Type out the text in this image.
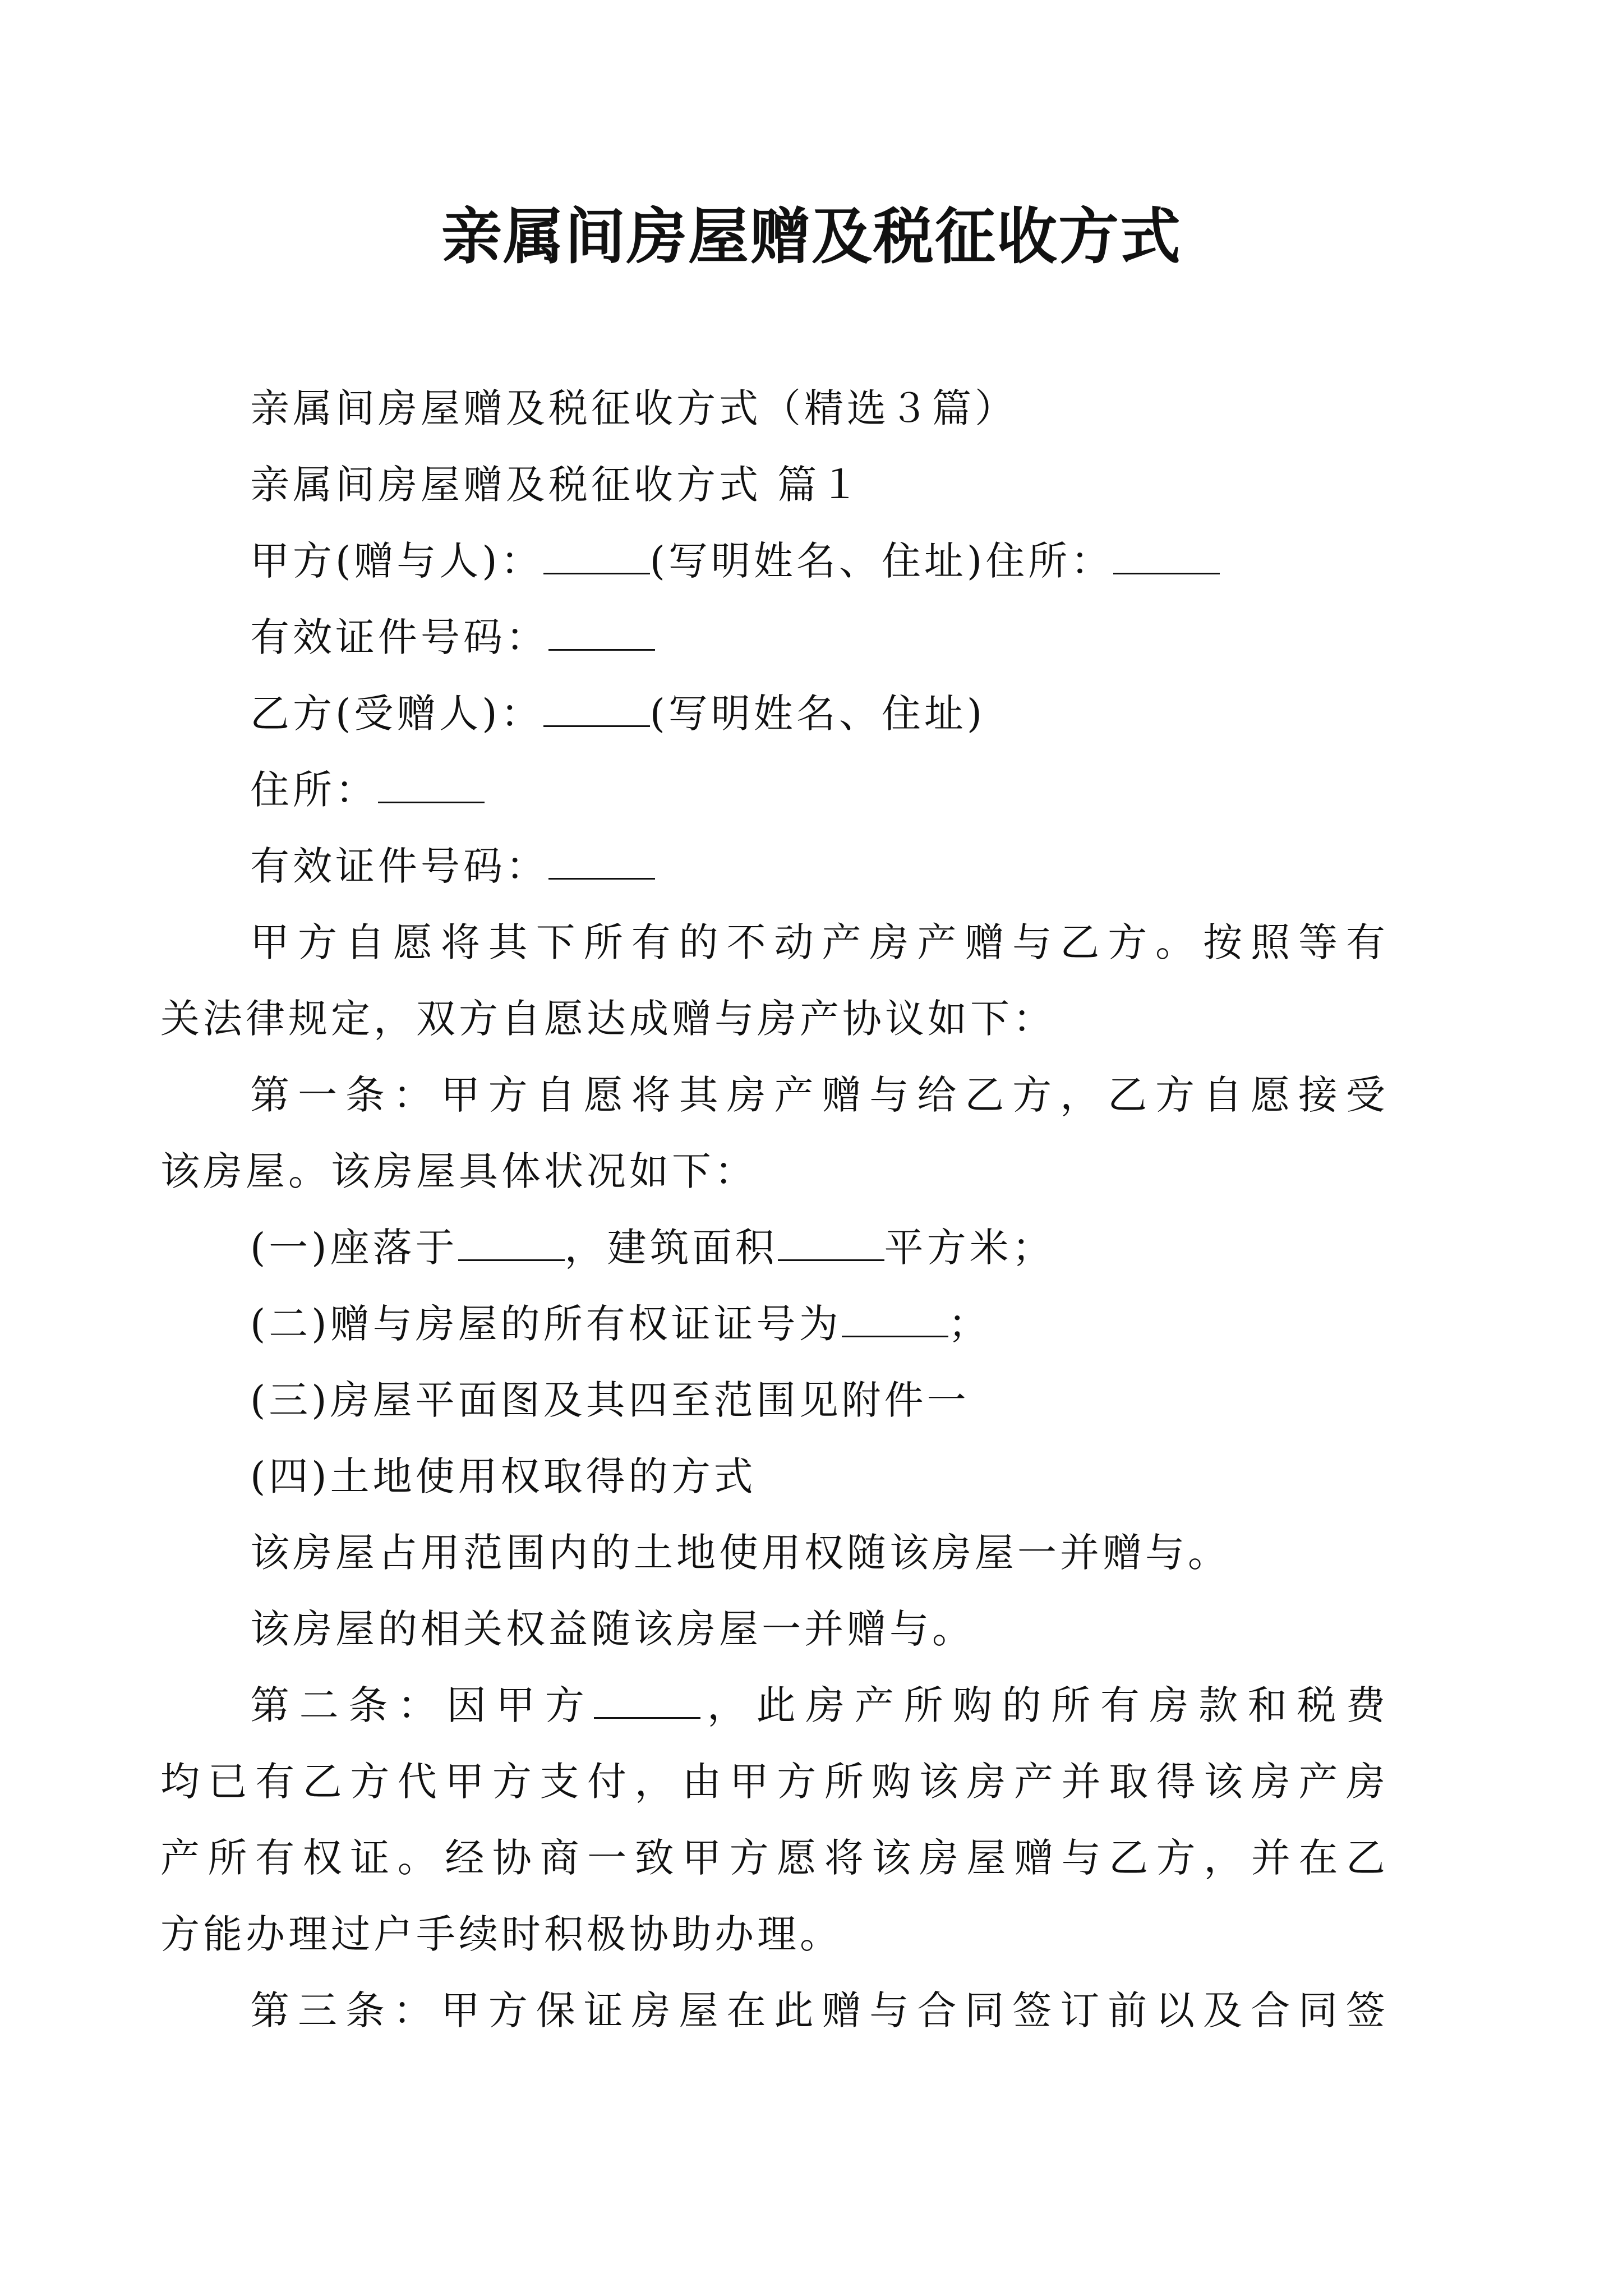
亲属间房屋赠及税征收方式
亲属间房屋赠及税征收方式（精选３篇）
亲属间房屋赠及税征收方式 篇１
甲方(赠与人)：	(写明姓名、住址)住所：
有效证件号码：
乙方(受赠人)：	(写明姓名、住址)
住所：
有效证件号码：
甲方自愿将其下所有的不动产房产赠与乙方。按照等有
关法律规定，双方自愿达成赠与房产协议如下：
第一条：甲方自愿将其房产赠与给乙方，乙方自愿接受
该房屋。该房屋具体状况如下：
(一)座落于	，建筑面积	平方米；
(二)赠与房屋的所有权证证号为	；
(三)房屋平面图及其四至范围见附件一
(四)土地使用权取得的方式
该房屋占用范围内的土地使用权随该房屋一并赠与。
该房屋的相关权益随该房屋一并赠与。
第二条：因甲方	，此房产所购的所有房款和税费
均已有乙方代甲方支付，由甲方所购该房产并取得该房产房
产所有权证。经协商一致甲方愿将该房屋赠与乙方，并在乙
方能办理过户手续时积极协助办理。
第三条：甲方保证房屋在此赠与合同签订前以及合同签
